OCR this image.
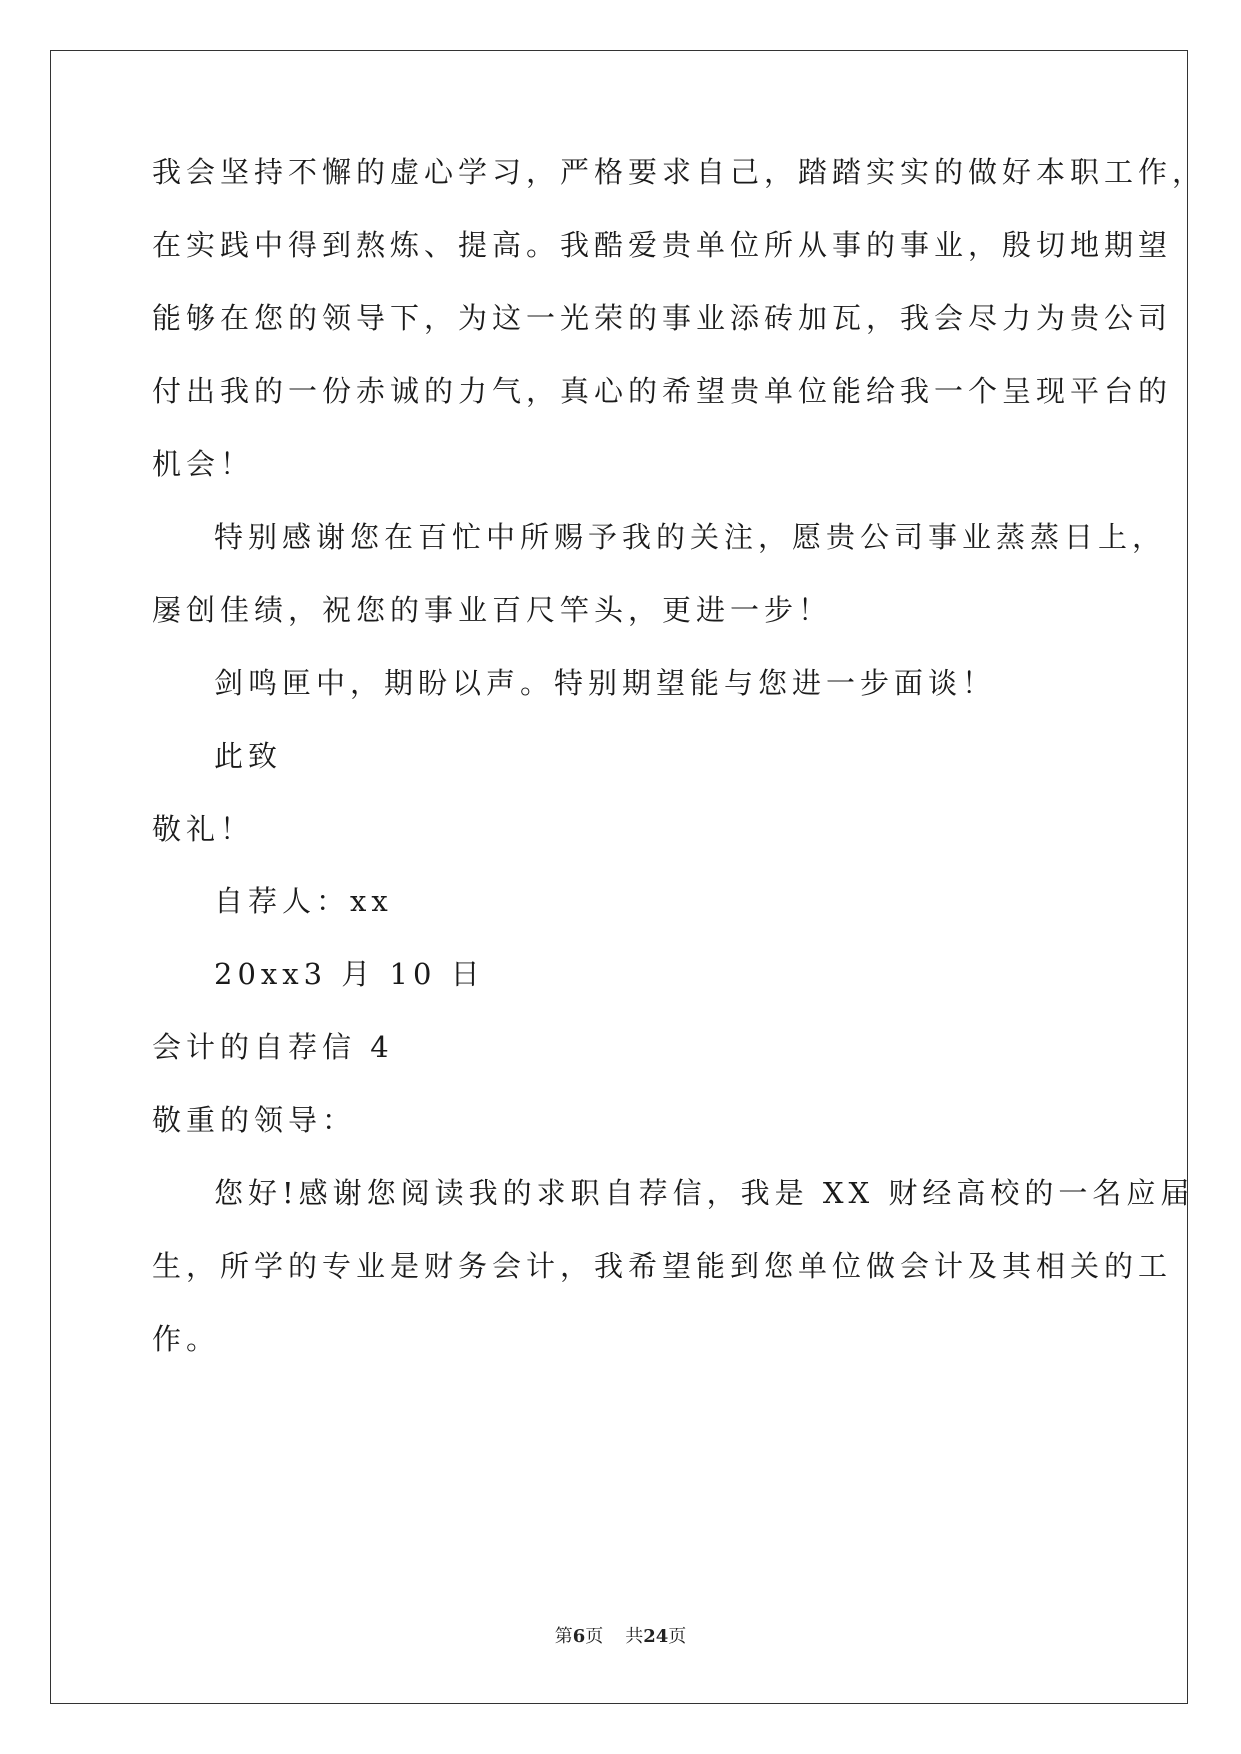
我会坚持不懈的虚心学习，严格要求自己，踏踏实实的做好本职工作，
在实践中得到熬炼、提高。我酷爱贵单位所从事的事业，殷切地期望
能够在您的领导下，为这一光荣的事业添砖加瓦，我会尽力为贵公司
付出我的一份赤诚的力气，真心的希望贵单位能给我一个呈现平台的
机会！
特别感谢您在百忙中所赐予我的关注，愿贵公司事业蒸蒸日上，
屡创佳绩，祝您的事业百尺竿头，更进一步！
剑鸣匣中，期盼以声。特别期望能与您进一步面谈！
此致
敬礼！
自荐人：xx
20xx3 月 10 日
会计的自荐信 4
敬重的领导：
您好!感谢您阅读我的求职自荐信，我是 XX 财经高校的一名应届
生，所学的专业是财务会计，我希望能到您单位做会计及其相关的工
作。
第6页 共24页
